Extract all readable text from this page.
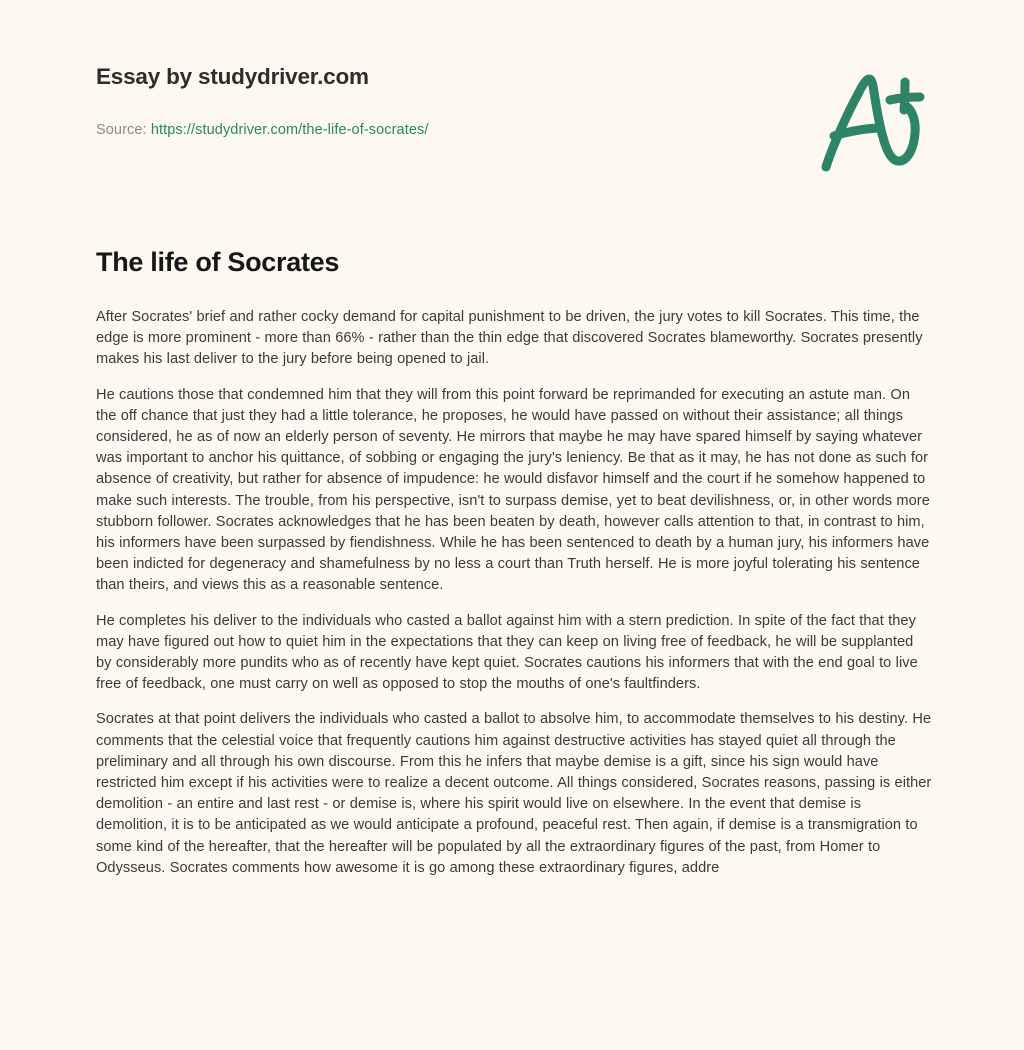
Essay by studydriver.com
Source: https://studydriver.com/the-life-of-socrates/
The life of Socrates

After Socrates' brief and rather cocky demand for capital punishment to be driven, the jury votes to kill Socrates. This time, the edge is more prominent - more than 66% - rather than the thin edge that discovered Socrates blameworthy. Socrates presently makes his last deliver to the jury before being opened to jail.

He cautions those that condemned him that they will from this point forward be reprimanded for executing an astute man. On the off chance that just they had a little tolerance, he proposes, he would have passed on without their assistance; all things considered, he as of now an elderly person of seventy. He mirrors that maybe he may have spared himself by saying whatever was important to anchor his quittance, of sobbing or engaging the jury's leniency. Be that as it may, he has not done as such for absence of creativity, but rather for absence of impudence: he would disfavor himself and the court if he somehow happened to make such interests. The trouble, from his perspective, isn't to surpass demise, yet to beat devilishness, or, in other words more stubborn follower. Socrates acknowledges that he has been beaten by death, however calls attention to that, in contrast to him, his informers have been surpassed by fiendishness. While he has been sentenced to death by a human jury, his informers have been indicted for degeneracy and shamefulness by no less a court than Truth herself. He is more joyful tolerating his sentence than theirs, and views this as a reasonable sentence.

He completes his deliver to the individuals who casted a ballot against him with a stern prediction. In spite of the fact that they may have figured out how to quiet him in the expectations that they can keep on living free of feedback, he will be supplanted by considerably more pundits who as of recently have kept quiet. Socrates cautions his informers that with the end goal to live free of feedback, one must carry on well as opposed to stop the mouths of one's faultfinders.

Socrates at that point delivers the individuals who casted a ballot to absolve him, to accommodate themselves to his destiny. He comments that the celestial voice that frequently cautions him against destructive activities has stayed quiet all through the preliminary and all through his own discourse. From this he infers that maybe demise is a gift, since his sign would have restricted him except if his activities were to realize a decent outcome. All things considered, Socrates reasons, passing is either demolition - an entire and last rest - or demise is, where his spirit would live on elsewhere. In the event that demise is demolition, it is to be anticipated as we would anticipate a profound, peaceful rest. Then again, if demise is a transmigration to some kind of the hereafter, that the hereafter will be populated by all the extraordinary figures of the past, from Homer to Odysseus. Socrates comments how awesome it is go among these extraordinary figures, addre
